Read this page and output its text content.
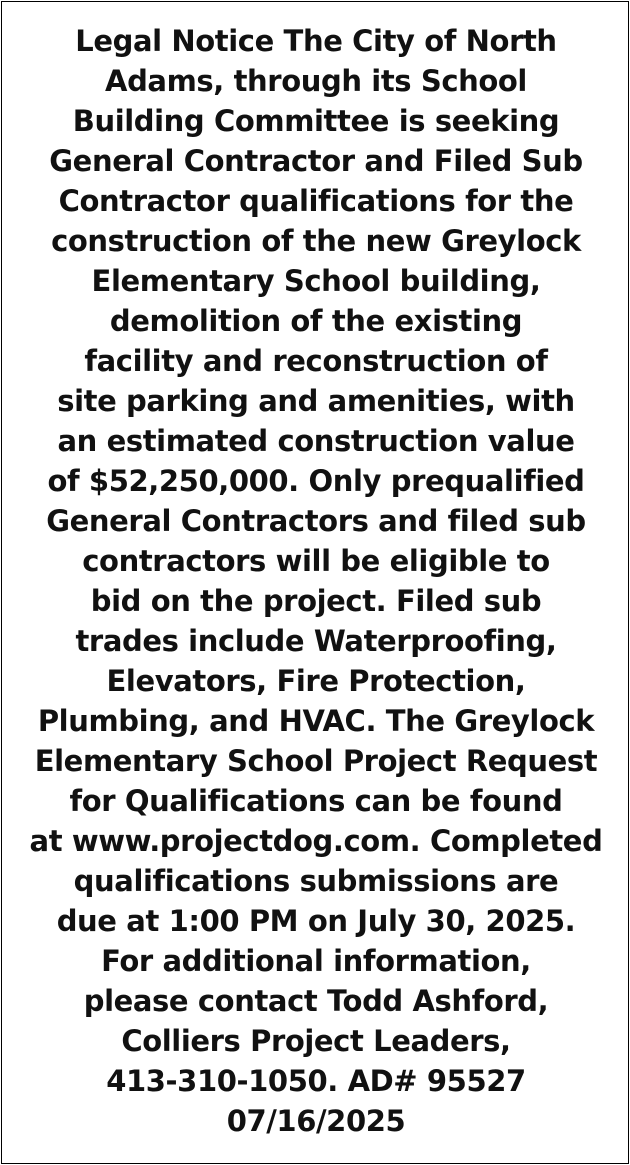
Legal Notice The City of North
Adams, through its School
Building Committee is seeking
General Contractor and Filed Sub
Contractor qualifications for the
construction of the new Greylock
Elementary School building,
demolition of the existing
facility and reconstruction of
site parking and amenities, with
an estimated construction value
of $52,250,000. Only prequalified
General Contractors and filed sub
contractors will be eligible to
bid on the project. Filed sub
trades include Waterproofing,
Elevators, Fire Protection,
Plumbing, and HVAC. The Greylock
Elementary School Project Request
for Qualifications can be found
at www.projectdog.com. Completed
qualifications submissions are
due at 1:00 PM on July 30, 2025.
For additional information,
please contact Todd Ashford,
Colliers Project Leaders,
413-310-1050. AD# 95527
07/16/2025
